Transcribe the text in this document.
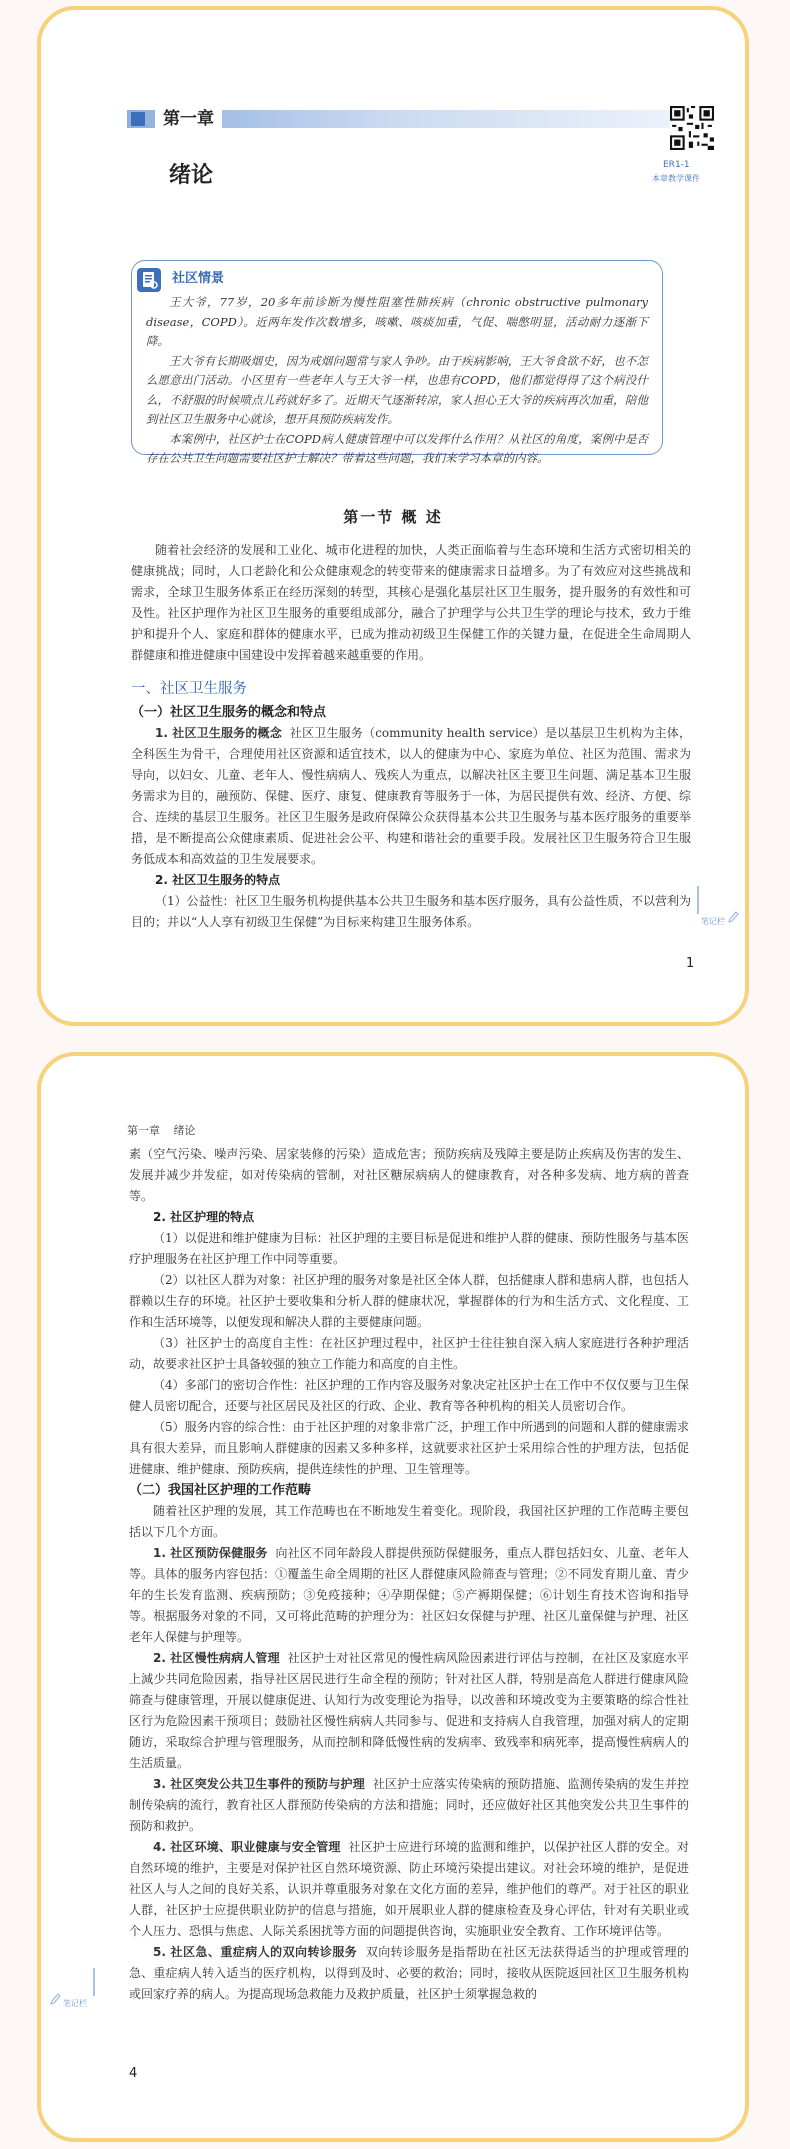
第一章
绪论	ER1-1
本章教学课件
社区情景

王大爷，77岁，20多年前诊断为慢性阻塞性肺疾病（chronic obstructive pulmonary disease，COPD）。近两年发作次数增多，咳嗽、咳痰加重，气促、喘憋明显，活动耐力逐渐下降。

王大爷有长期吸烟史，因为戒烟问题常与家人争吵。由于疾病影响，王大爷食欲不好，也不怎么愿意出门活动。小区里有一些老年人与王大爷一样，也患有COPD，他们都觉得得了这个病没什么，不舒服的时候喷点儿药就好多了。近期天气逐渐转凉，家人担心王大爷的疾病再次加重，陪他到社区卫生服务中心就诊，想开具预防疾病发作。

本案例中，社区护士在COPD病人健康管理中可以发挥什么作用？从社区的角度，案例中是否存在公共卫生问题需要社区护士解决？带着这些问题，我们来学习本章的内容。

第一节 概 述

随着社会经济的发展和工业化、城市化进程的加快，人类正面临着与生态环境和生活方式密切相关的健康挑战；同时，人口老龄化和公众健康观念的转变带来的健康需求日益增多。为了有效应对这些挑战和需求，全球卫生服务体系正在经历深刻的转型，其核心是强化基层社区卫生服务，提升服务的有效性和可及性。社区护理作为社区卫生服务的重要组成部分，融合了护理学与公共卫生学的理论与技术，致力于维护和提升个人、家庭和群体的健康水平，已成为推动初级卫生保健工作的关键力量，在促进全生命周期人群健康和推进健康中国建设中发挥着越来越重要的作用。

一、社区卫生服务
（一）社区卫生服务的概念和特点

1. 社区卫生服务的概念 社区卫生服务（community health service）是以基层卫生机构为主体，全科医生为骨干，合理使用社区资源和适宜技术，以人的健康为中心、家庭为单位、社区为范围、需求为导向，以妇女、儿童、老年人、慢性病病人、残疾人为重点，以解决社区主要卫生问题、满足基本卫生服务需求为目的，融预防、保健、医疗、康复、健康教育等服务于一体，为居民提供有效、经济、方便、综合、连续的基层卫生服务。社区卫生服务是政府保障公众获得基本公共卫生服务与基本医疗服务的重要举措，是不断提高公众健康素质、促进社会公平、构建和谐社会的重要手段。发展社区卫生服务符合卫生服务低成本和高效益的卫生发展要求。

2. 社区卫生服务的特点

（1）公益性：社区卫生服务机构提供基本公共卫生服务和基本医疗服务，具有公益性质，不以营利为目的；并以“人人享有初级卫生保健”为目标来构建卫生服务体系。	笔记栏
1
第一章 绪论

素（空气污染、噪声污染、居家装修的污染）造成危害；预防疾病及残障主要是防止疾病及伤害的发生、发展并减少并发症，如对传染病的管制，对社区糖尿病病人的健康教育，对各种多发病、地方病的普查等。

2. 社区护理的特点

（1）以促进和维护健康为目标：社区护理的主要目标是促进和维护人群的健康、预防性服务与基本医疗护理服务在社区护理工作中同等重要。

（2）以社区人群为对象：社区护理的服务对象是社区全体人群，包括健康人群和患病人群，也包括人群赖以生存的环境。社区护士要收集和分析人群的健康状况，掌握群体的行为和生活方式、文化程度、工作和生活环境等，以便发现和解决人群的主要健康问题。

（3）社区护士的高度自主性：在社区护理过程中，社区护士往往独自深入病人家庭进行各种护理活动，故要求社区护士具备较强的独立工作能力和高度的自主性。

（4）多部门的密切合作性：社区护理的工作内容及服务对象决定社区护士在工作中不仅仅要与卫生保健人员密切配合，还要与社区居民及社区的行政、企业、教育等各种机构的相关人员密切合作。

（5）服务内容的综合性：由于社区护理的对象非常广泛，护理工作中所遇到的问题和人群的健康需求具有很大差异，而且影响人群健康的因素又多种多样，这就要求社区护士采用综合性的护理方法，包括促进健康、维护健康、预防疾病，提供连续性的护理、卫生管理等。

（二）我国社区护理的工作范畴

随着社区护理的发展，其工作范畴也在不断地发生着变化。现阶段，我国社区护理的工作范畴主要包括以下几个方面。

1. 社区预防保健服务 向社区不同年龄段人群提供预防保健服务，重点人群包括妇女、儿童、老年人等。具体的服务内容包括：①覆盖生命全周期的社区人群健康风险筛查与管理；②不同发育期儿童、青少年的生长发育监测、疾病预防；③免疫接种；④孕期保健；⑤产褥期保健；⑥计划生育技术咨询和指导等。根据服务对象的不同，又可将此范畴的护理分为：社区妇女保健与护理、社区儿童保健与护理、社区老年人保健与护理等。

2. 社区慢性病病人管理 社区护士对社区常见的慢性病风险因素进行评估与控制，在社区及家庭水平上減少共同危险因素，指导社区居民进行生命全程的预防；针对社区人群，特别是高危人群进行健康风险筛查与健康管理，开展以健康促进、认知行为改变理论为指导，以改善和环境改变为主要策略的综合性社区行为危险因素干预项目；鼓励社区慢性病病人共同参与、促进和支持病人自我管理，加强对病人的定期随访，采取综合护理与管理服务，从而控制和降低慢性病的发病率、致残率和病死率，提高慢性病病人的生活质量。

3. 社区突发公共卫生事件的预防与护理 社区护士应落实传染病的预防措施、监测传染病的发生并控制传染病的流行，教育社区人群预防传染病的方法和措施；同时，还应做好社区其他突发公共卫生事件的预防和救护。

4. 社区环境、职业健康与安全管理 社区护士应进行环境的监测和维护，以保护社区人群的安全。对自然环境的维护，主要是对保护社区自然环境资源、防止环境污染提出建议。对社会环境的维护，是促进社区人与人之间的良好关系，认识并尊重服务对象在文化方面的差异，维护他们的尊严。对于社区的职业人群，社区护士应提供职业防护的信息与措施，如开展职业人群的健康检查及身心评估，针对有关职业或个人压力、恐惧与焦虑、人际关系困扰等方面的问题提供咨询，实施职业安全教育、工作环境评估等。

5. 社区急、重症病人的双向转诊服务 双向转诊服务是指帮助在社区无法获得适当的护理或管理的急、重症病人转入适当的医疗机构，以得到及时、必要的救治；同时，接收从医院返回社区卫生服务机构或回家疗养的病人。为提高现场急救能力及救护质量，社区护士须掌握急救的

笔记栏
4
